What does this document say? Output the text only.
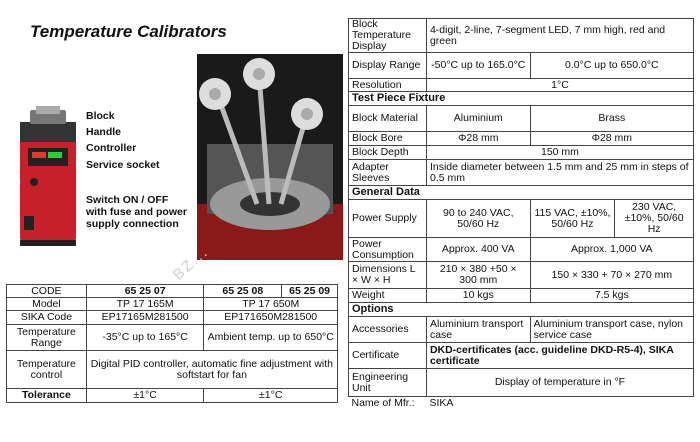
Temperature Calibrators
Block
Handle
Controller
Service socket
Switch ON / OFF
with fuse and power
supply connection
BZ...
CODE	65 25 07	65 25 08	65 25 09
Model	TP 17 165M	TP 17 650M	
SIKA Code	EP17165M281500	EP171650M281500	
Temperature Range	-35°C up to 165°C	Ambient temp. up to 650°C	
Temperature control	Digital PID controller, automatic fine adjustment with softstart for fan		
Tolerance	±1°C	±1°C	
Block Temperature Display	4-digit, 2-line, 7-segment LED, 7 mm high, red and green		
Display Range	-50°C up to 165.0°C	0.0°C up to 650.0°C	
Resolution	1°C		
Test Piece Fixture			
Block Material	Aluminium	Brass	
Block Bore	Φ28 mm	Φ28 mm	
Block Depth	150 mm		
Adapter Sleeves	Inside diameter between 1.5 mm and 25 mm in steps of 0.5 mm		
General Data			
Power Supply	90 to 240 VAC, 50/60 Hz	115 VAC, ±10%, 50/60 Hz	230 VAC, ±10%, 50/60 Hz
Power Consumption	Approx. 400 VA	Approx. 1,000 VA	
Dimensions L × W × H	210 × 380 +50 × 300 mm	150 × 330 + 70 × 270 mm	
Weight	10 kgs	7.5 kgs	
Options			
Accessories	Aluminium transport case	Aluminium transport case, nylon service case	
Certificate	DKD-certificates (acc. guideline DKD-R5-4), SIKA certificate		
Engineering Unit	Display of temperature in °F		
Name of Mfr.:	SIKA		
